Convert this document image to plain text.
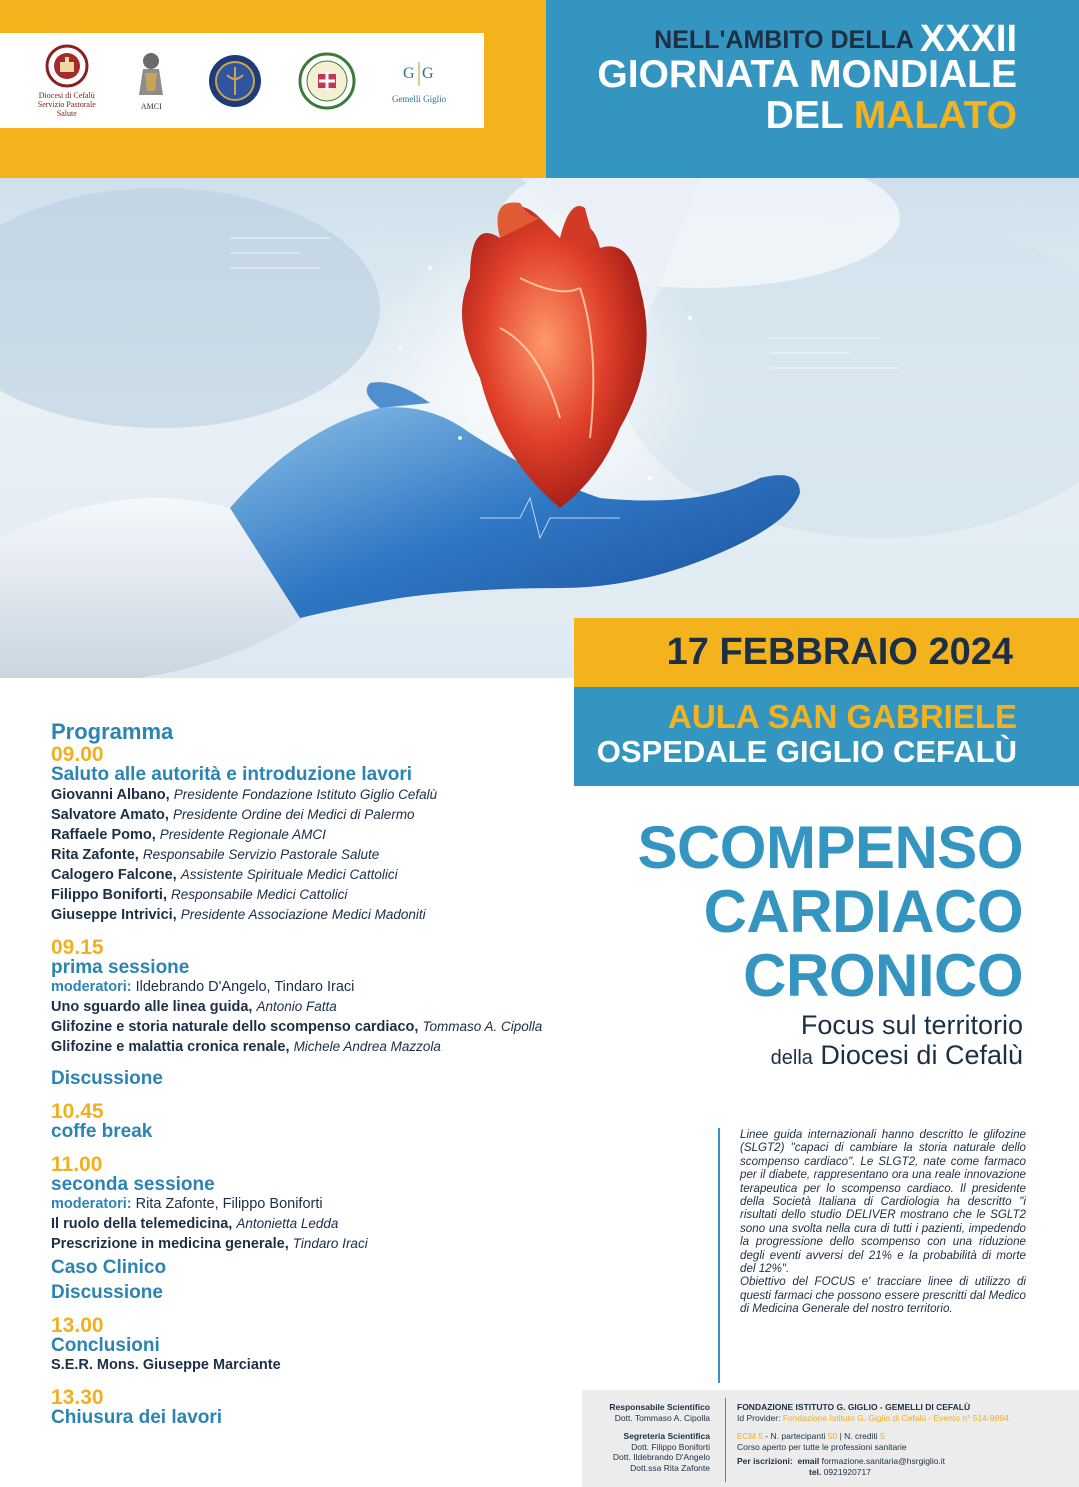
Diocesi di Cefalù
Servizio Pastorale
Salute
AMCI
G G
Gemelli Giglio
NELL'AMBITO DELLA XXXII
GIORNATA MONDIALE
DEL MALATO
17 FEBBRAIO 2024
AULA SAN GABRIELE
OSPEDALE GIGLIO CEFALÙ
SCOMPENSO
CARDIACO
CRONICO
Focus sul territorio
della Diocesi di Cefalù
Linee guida internazionali hanno descritto le glifozine (SLGT2) "capaci di cambiare la storia naturale dello scompenso cardiaco". Le SLGT2, nate come farmaco per il diabete, rappresentano ora una reale innovazione terapeutica per lo scompenso cardiaco. Il presidente della Società Italiana di Cardiologia ha descritto "i risultati dello studio DELIVER mostrano che le SGLT2 sono una svolta nella cura di tutti i pazienti, impedendo la progressione dello scompenso con una riduzione degli eventi avversi del 21% e la probabilità di morte del 12%".
Obiettivo del FOCUS e' tracciare linee di utilizzo di questi farmaci che possono essere prescritti dal Medico di Medicina Generale del nostro territorio.
Programma
09.00
Saluto alle autorità e introduzione lavori
Giovanni Albano, Presidente Fondazione Istituto Giglio Cefalù
Salvatore Amato, Presidente Ordine dei Medici di Palermo
Raffaele Pomo, Presidente Regionale AMCI
Rita Zafonte, Responsabile Servizio Pastorale Salute
Calogero Falcone, Assistente Spirituale Medici Cattolici
Filippo Boniforti, Responsabile Medici Cattolici
Giuseppe Intrivici, Presidente Associazione Medici Madoniti
09.15
prima sessione
moderatori: Ildebrando D'Angelo, Tindaro Iraci
Uno sguardo alle linea guida, Antonio Fatta
Glifozine e storia naturale dello scompenso cardiaco, Tommaso A. Cipolla
Glifozine e malattia cronica renale, Michele Andrea Mazzola
Discussione
10.45
coffe break
11.00
seconda sessione
moderatori: Rita Zafonte, Filippo Boniforti
Il ruolo della telemedicina, Antonietta Ledda
Prescrizione in medicina generale, Tindaro Iraci
Caso Clinico
Discussione
13.00
Conclusioni
S.E.R. Mons. Giuseppe Marciante
13.30
Chiusura dei lavori	Responsabile Scientifico
Dott. Tommaso A. Cipolla
Segreteria Scientifica
Dott. Filippo Boniforti
Dott. Ildebrando D'Angelo
Dott.ssa Rita Zafonte
FONDAZIONE ISTITUTO G. GIGLIO - GEMELLI DI CEFALÙ
Id Provider: Fondazione Istituto G. Giglio di Cefalù - Evento n° 514-9894
ECM 5 - N. partecipanti 50 | N. crediti 5
Corso aperto per tutte le professioni sanitarie
Per iscrizioni: email formazione.sanitaria@hsrgiglio.it
tel. 0921920717
